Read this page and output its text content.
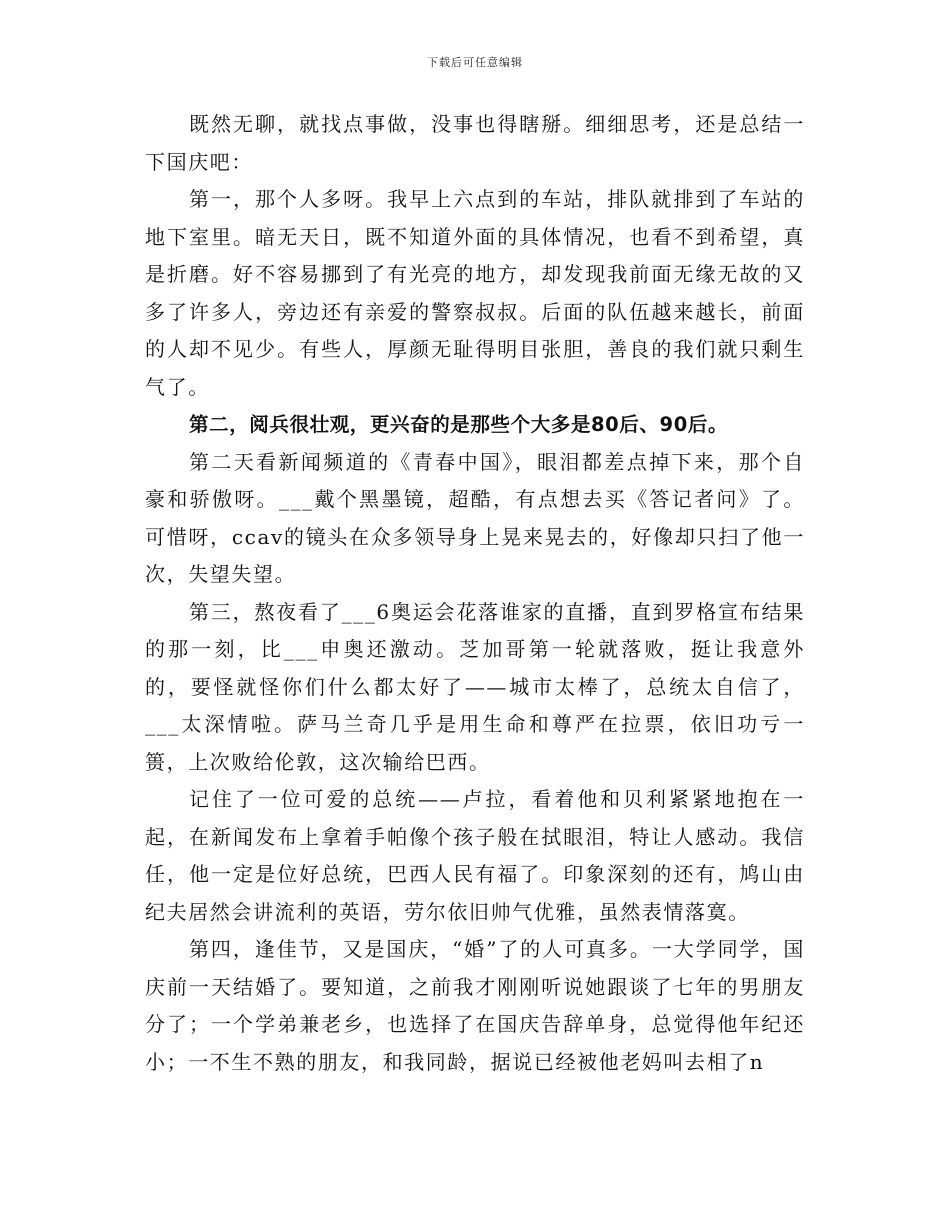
下载后可任意编辑

既然无聊，就找点事做，没事也得瞎掰。细细思考，还是总结一下国庆吧：

第一，那个人多呀。我早上六点到的车站，排队就排到了车站的地下室里。暗无天日，既不知道外面的具体情况，也看不到希望，真是折磨。好不容易挪到了有光亮的地方，却发现我前面无缘无故的又多了许多人，旁边还有亲爱的警察叔叔。后面的队伍越来越长，前面的人却不见少。有些人，厚颜无耻得明目张胆，善良的我们就只剩生气了。

第二，阅兵很壮观，更兴奋的是那些个大多是80后、90后。

第二天看新闻频道的《青春中国》，眼泪都差点掉下来，那个自豪和骄傲呀。___戴个黑墨镜，超酷，有点想去买《答记者问》了。可惜呀，ccav的镜头在众多领导身上晃来晃去的，好像却只扫了他一次，失望失望。

第三，熬夜看了___6奥运会花落谁家的直播，直到罗格宣布结果的那一刻，比___申奥还激动。芝加哥第一轮就落败，挺让我意外的，要怪就怪你们什么都太好了——城市太棒了，总统太自信了，___太深情啦。萨马兰奇几乎是用生命和尊严在拉票，依旧功亏一篑，上次败给伦敦，这次输给巴西。

记住了一位可爱的总统——卢拉，看着他和贝利紧紧地抱在一起，在新闻发布上拿着手帕像个孩子般在拭眼泪，特让人感动。我信任，他一定是位好总统，巴西人民有福了。印象深刻的还有，鸠山由纪夫居然会讲流利的英语，劳尔依旧帅气优雅，虽然表情落寞。

第四，逢佳节，又是国庆，“婚”了的人可真多。一大学同学，国庆前一天结婚了。要知道，之前我才刚刚听说她跟谈了七年的男朋友分了；一个学弟兼老乡，也选择了在国庆告辞单身，总觉得他年纪还小；一不生不熟的朋友，和我同龄，据说已经被他老妈叫去相了n
